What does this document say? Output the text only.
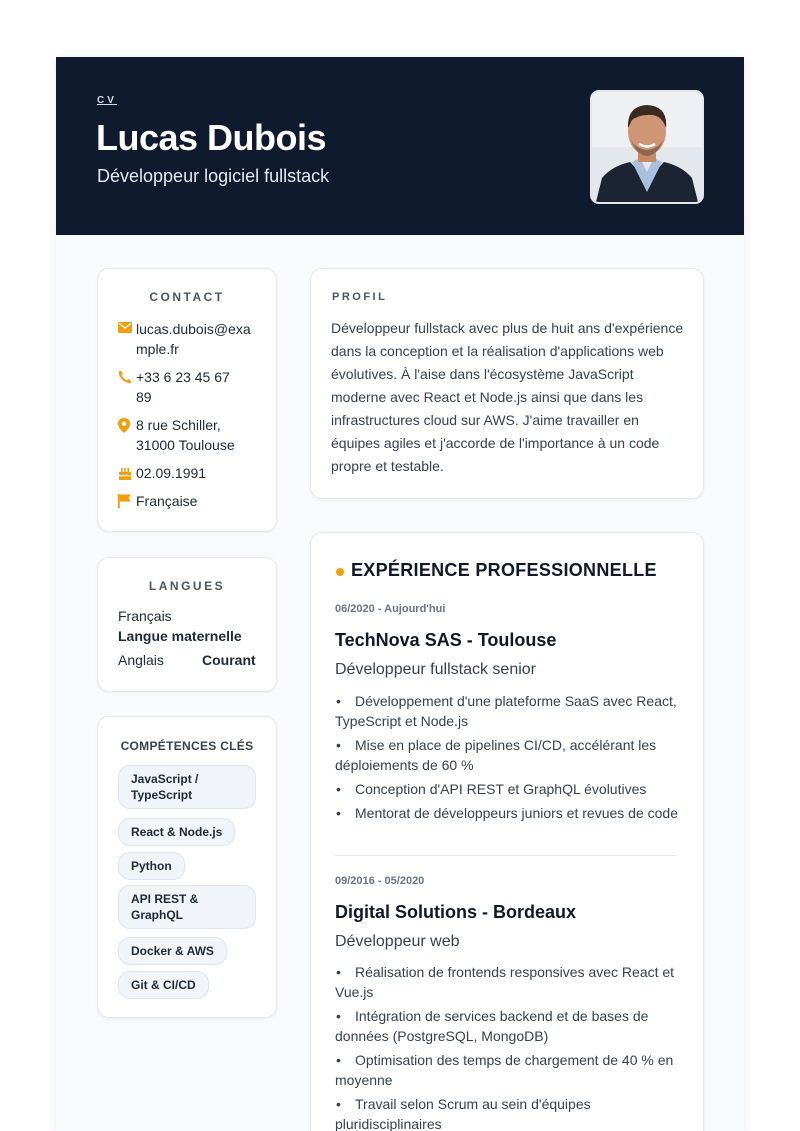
CV
Lucas Dubois
Développeur logiciel fullstack
CONTACT
lucas.dubois@example.fr
+33 6 23 45 67 89
8 rue Schiller, 31000 Toulouse
02.09.1991
Française
LANGUES
Français
Langue maternelle
Anglais	Courant
COMPÉTENCES CLÉS
JavaScript / TypeScript
React & Node.js
Python
API REST & GraphQL
Docker & AWS
Git & CI/CD
PROFIL
Développeur fullstack avec plus de huit ans d'expérience dans la conception et la réalisation d'applications web évolutives. À l'aise dans l'écosystème JavaScript moderne avec React et Node.js ainsi que dans les infrastructures cloud sur AWS. J'aime travailler en équipes agiles et j'accorde de l'importance à un code propre et testable.
EXPÉRIENCE PROFESSIONNELLE
06/2020 - Aujourd'hui
TechNova SAS - Toulouse
Développeur fullstack senior
• Développement d'une plateforme SaaS avec React, TypeScript et Node.js
• Mise en place de pipelines CI/CD, accélérant les déploiements de 60 %
• Conception d'API REST et GraphQL évolutives
• Mentorat de développeurs juniors et revues de code
09/2016 - 05/2020
Digital Solutions - Bordeaux
Développeur web
• Réalisation de frontends responsives avec React et Vue.js
• Intégration de services backend et de bases de données (PostgreSQL, MongoDB)
• Optimisation des temps de chargement de 40 % en moyenne
• Travail selon Scrum au sein d'équipes pluridisciplinaires
